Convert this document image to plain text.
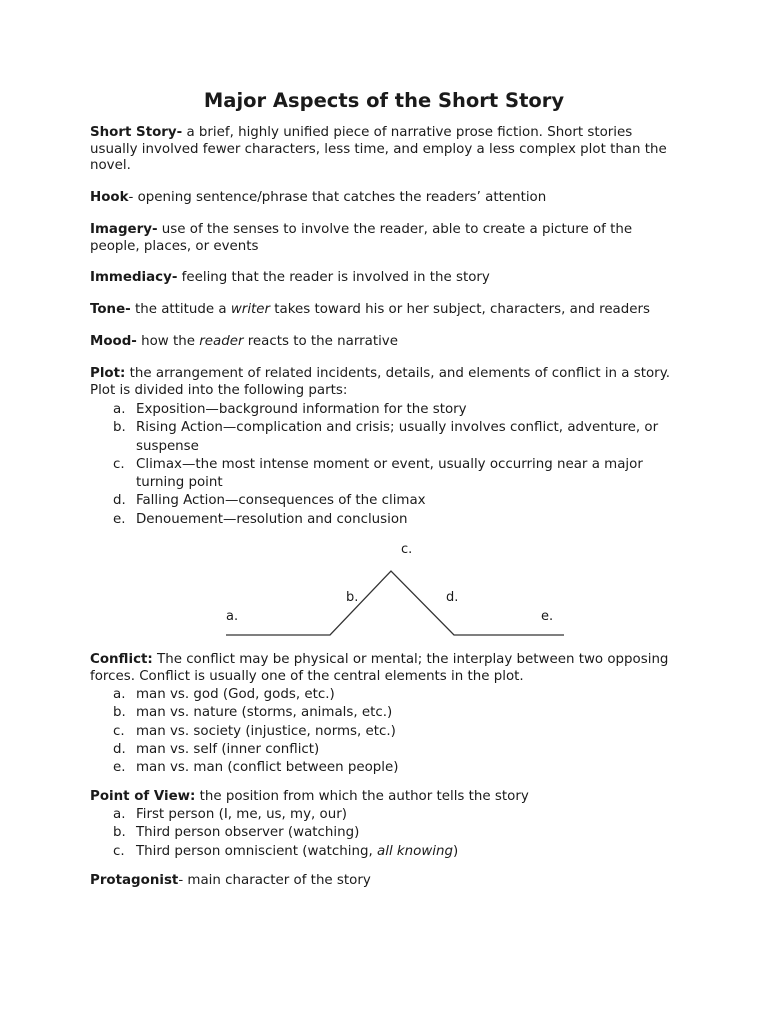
Major Aspects of the Short Story

Short Story- a brief, highly unified piece of narrative prose fiction. Short stories usually involved fewer characters, less time, and employ a less complex plot than the novel.

Hook- opening sentence/phrase that catches the readers’ attention

Imagery- use of the senses to involve the reader, able to create a picture of the people, places, or events

Immediacy- feeling that the reader is involved in the story

Tone- the attitude a writer takes toward his or her subject, characters, and readers

Mood- how the reader reacts to the narrative

Plot: the arrangement of related incidents, details, and elements of conflict in a story. Plot is divided into the following parts:

a. Exposition—background information for the story
b. Rising Action—complication and crisis; usually involves conflict, adventure, or suspense
c. Climax—the most intense moment or event, usually occurring near a major turning point
d. Falling Action—consequences of the climax
e. Denouement—resolution and conclusion
a.
b.
c.
d.
e.

Conflict: The conflict may be physical or mental; the interplay between two opposing forces. Conflict is usually one of the central elements in the plot.

a. man vs. god (God, gods, etc.)
b. man vs. nature (storms, animals, etc.)
c. man vs. society (injustice, norms, etc.)
d. man vs. self (inner conflict)
e. man vs. man (conflict between people)

Point of View: the position from which the author tells the story

a. First person (I, me, us, my, our)
b. Third person observer (watching)
c. Third person omniscient (watching, all knowing)

Protagonist- main character of the story
